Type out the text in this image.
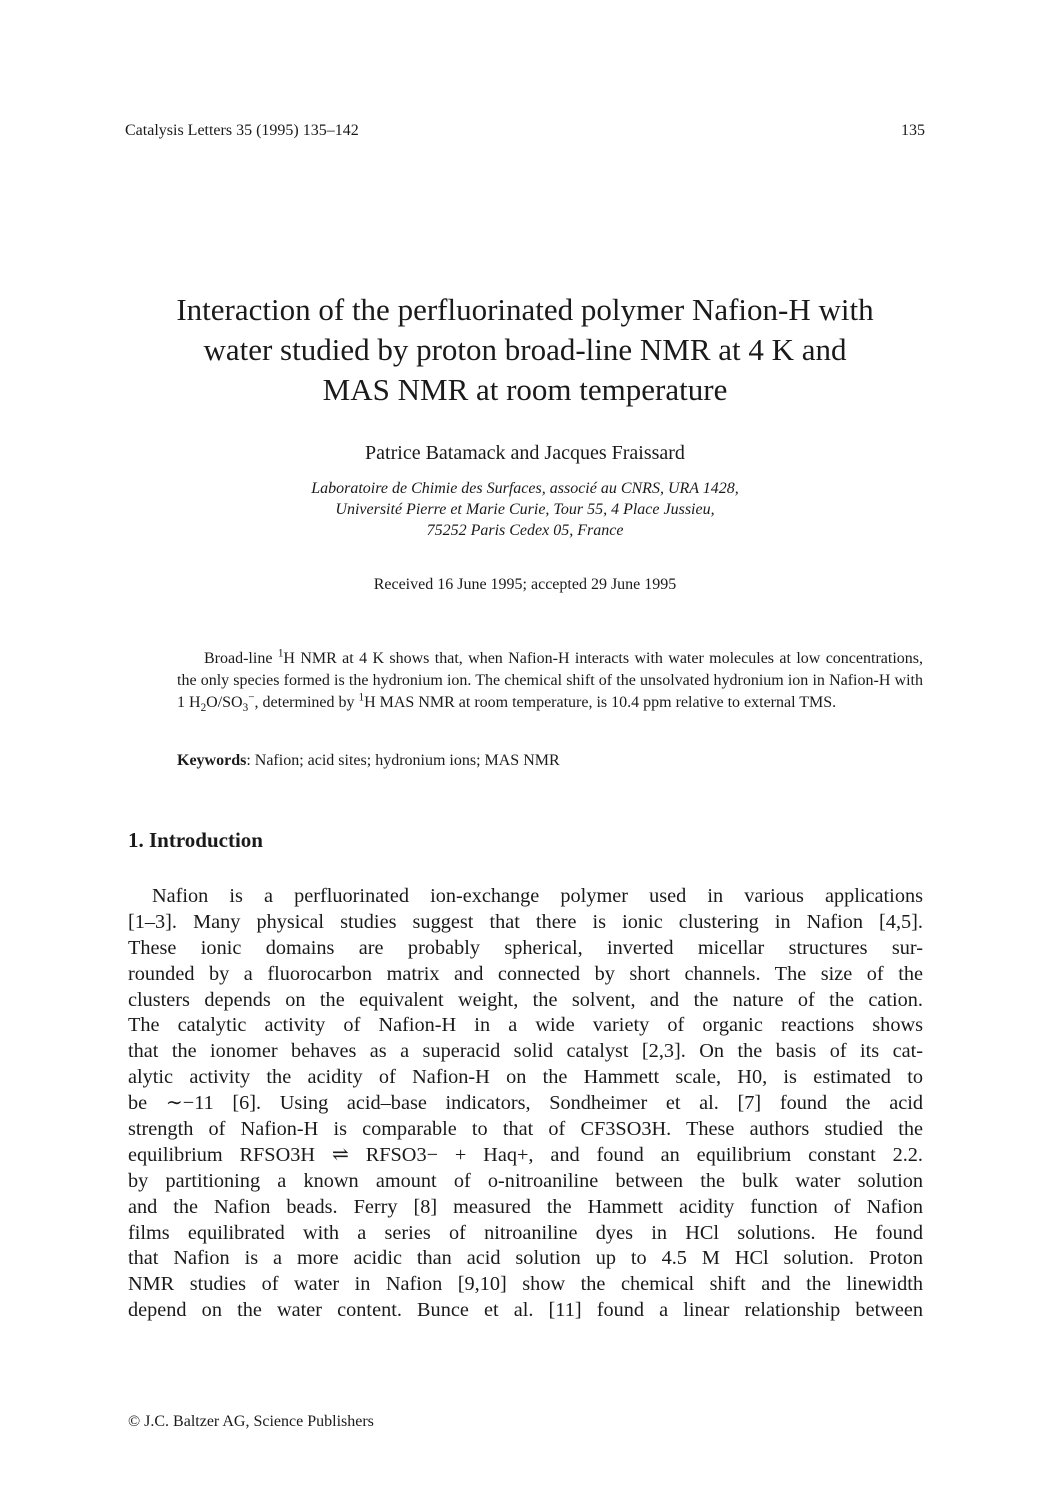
Catalysis Letters 35 (1995) 135–142	135
Interaction of the perfluorinated polymer Nafion-H with
water studied by proton broad-line NMR at 4 K and
MAS NMR at room temperature
Patrice Batamack and Jacques Fraissard
Laboratoire de Chimie des Surfaces, associé au CNRS, URA 1428,
Université Pierre et Marie Curie, Tour 55, 4 Place Jussieu,
75252 Paris Cedex 05, France
Received 16 June 1995; accepted 29 June 1995

Broad-line $^1$H NMR at 4 K shows that, when Nafion-H interacts with water molecules at low concentrations, the only species formed is the hydronium ion. The chemical shift of the unsolvated hydronium ion in Nafion-H with 1 $H_2O/SO_3^-$, determined by $^1$H MAS NMR at room temperature, is 10.4 ppm relative to external TMS.

Keywords: Nafion; acid sites; hydronium ions; MAS NMR
1. Introduction
Nafion is a perfluorinated ion-exchange polymer used in various applications
[1–3]. Many physical studies suggest that there is ionic clustering in Nafion [4,5].
These ionic domains are probably spherical, inverted micellar structures sur-
rounded by a fluorocarbon matrix and connected by short channels. The size of the
clusters depends on the equivalent weight, the solvent, and the nature of the cation.
The catalytic activity of Nafion-H in a wide variety of organic reactions shows
that the ionomer behaves as a superacid solid catalyst [2,3]. On the basis of its cat-
alytic activity the acidity of Nafion-H on the Hammett scale, H0, is estimated to
be ∼−11 [6]. Using acid–base indicators, Sondheimer et al. [7] found the acid
strength of Nafion-H is comparable to that of CF3SO3H. These authors studied the
equilibrium RFSO3H ⇌ RFSO3− + Haq+, and found an equilibrium constant 2.2.
by partitioning a known amount of o-nitroaniline between the bulk water solution
and the Nafion beads. Ferry [8] measured the Hammett acidity function of Nafion
films equilibrated with a series of nitroaniline dyes in HCl solutions. He found
that Nafion is a more acidic than acid solution up to 4.5 M HCl solution. Proton
NMR studies of water in Nafion [9,10] show the chemical shift and the linewidth
depend on the water content. Bunce et al. [11] found a linear relationship between
© J.C. Baltzer AG, Science Publishers
